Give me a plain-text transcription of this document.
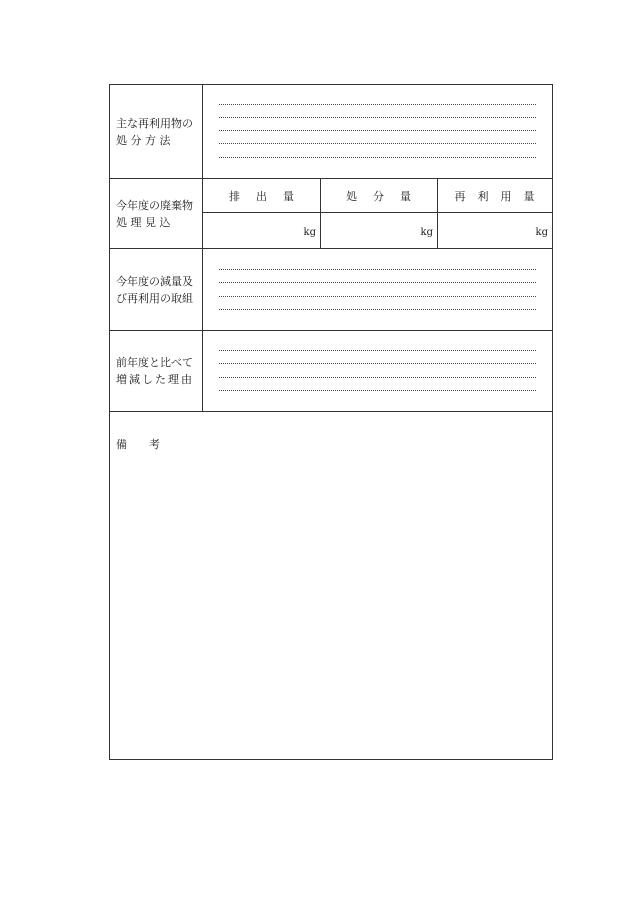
主な再利用物の
処 分 方 法
今年度の廃棄物
処 理 見 込
排出量
kg
処分量
kg
再利用量
kg
今年度の減量及
び再利用の取組
前年度と比べて
増減した理由
備考
